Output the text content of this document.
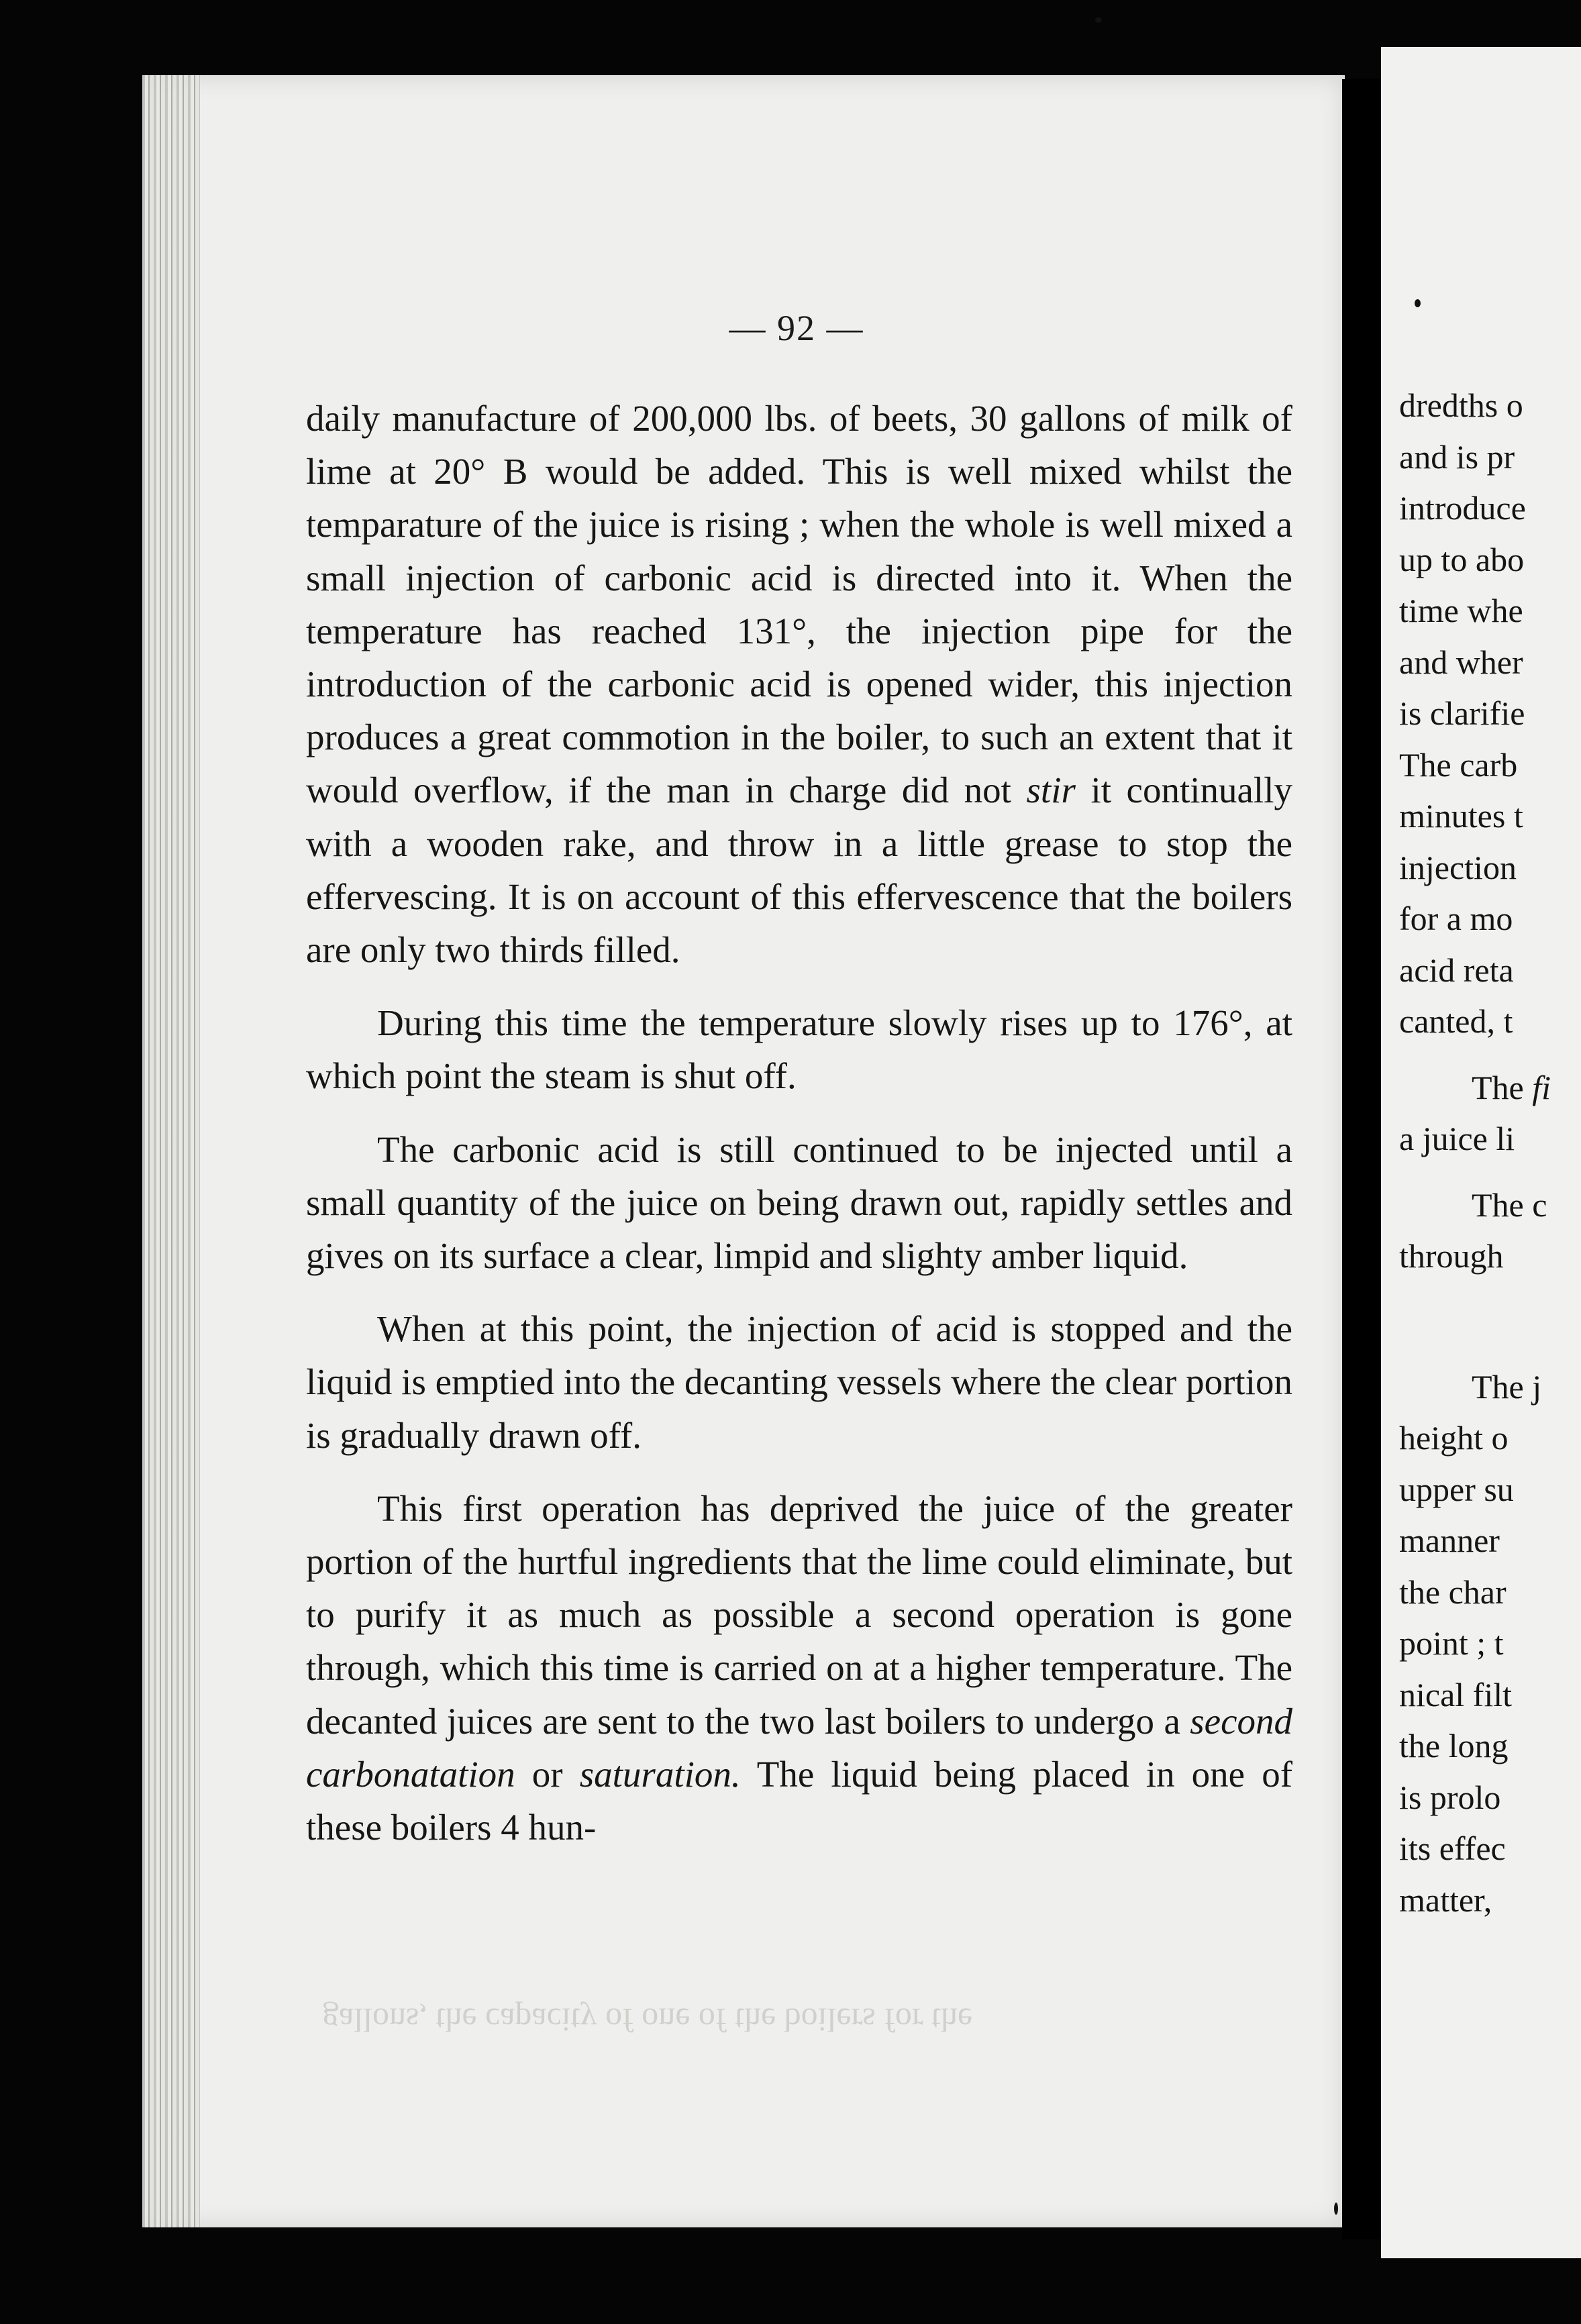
— 92 —

daily manufacture of 200,000 lbs. of beets, 30 gallons of milk of lime at 20° B would be added. This is well mixed whilst the temparature of the juice is rising ; when the whole is well mixed a small injection of carbonic acid is directed into it. When the temperature has reached 131°, the injection pipe for the introduction of the carbonic acid is opened wider, this injection produces a great commotion in the boiler, to such an extent that it would overflow, if the man in charge did not stir it continually with a wooden rake, and throw in a little grease to stop the effervescing. It is on account of this effervescence that the boilers are only two thirds filled.

During this time the temperature slowly rises up to 176°, at which point the steam is shut off.

The carbonic acid is still continued to be injected until a small quantity of the juice on being drawn out, rapidly settles and gives on its surface a clear, limpid and slighty amber liquid.

When at this point, the injection of acid is stopped and the liquid is emptied into the decanting vessels where the clear portion is gradually drawn off.

This first operation has deprived the juice of the greater portion of the hurtful ingredients that the lime could eliminate, but to purify it as much as possible a second operation is gone through, which this time is carried on at a higher temperature. The decanted juices are sent to the two last boilers to undergo a second carbonatation or saturation. The liquid being placed in one of these boilers 4 hun-

gallons, the capacity of one of the boilers for the
dredths o
and is pr
introduce
up to abo
time whe
and wher
is clarifie
The carb
minutes t
injection
for a mo
acid reta
canted, t
The fi
a juice li
The c
through
The j
height o
upper su
manner
the char
point ; t
nical filt
the long
is prolo
its effec
matter,
